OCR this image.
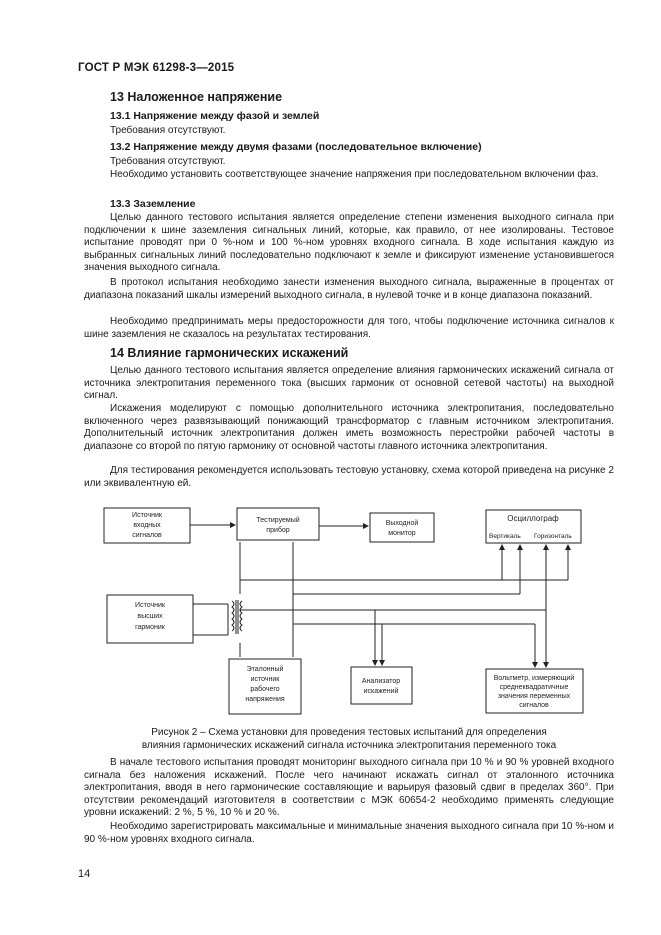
ГОСТ Р МЭК 61298-3—2015
13 Наложенное напряжение
13.1 Напряжение между фазой и землей
Требования отсутствуют.
13.2 Напряжение между двумя фазами (последовательное включение)
Требования отсутствуют.
Необходимо установить соответствующее значение напряжения при последовательном включении фаз.
13.3 Заземление
Целью данного тестового испытания является определение степени изменения выходного сигнала при подключении к шине заземления сигнальных линий, которые, как правило, от нее изолированы. Тестовое испытание проводят при 0 %-ном и 100 %-ном уровнях входного сигнала. В ходе испытания каждую из выбранных сигнальных линий последовательно подключают к земле и фиксируют изменение установившегося значения выходного сигнала.
В протокол испытания необходимо занести изменения выходного сигнала, выраженные в процентах от диапазона показаний шкалы измерений выходного сигнала, в нулевой точке и в конце диапазона показаний.
Необходимо предпринимать меры предосторожности для того, чтобы подключение источника сигналов к шине заземления не сказалось на результатах тестирования.
14 Влияние гармонических искажений
Целью данного тестового испытания является определение влияния гармонических искажений сигнала от источника электропитания переменного тока (высших гармоник от основной сетевой частоты) на выходной сигнал.
Искажения моделируют с помощью дополнительного источника электропитания, последовательно включенного через развязывающий понижающий трансформатор с главным источником электропитания. Дополнительный источник электропитания должен иметь возможность перестройки рабочей частоты в диапазоне со второй по пятую гармонику от основной частоты главного источника электропитания.
Для тестирования рекомендуется использовать тестовую установку, схема которой приведена на рисунке 2 или эквивалентную ей.
Источник
входных
сигналов
Тестируемый
прибор
Выходной
монитор
Осциллограф
Вертикаль Горизонталь
Источник
высших
гармоник
Эталонный
источник
рабочего
напряжения
Анализатор
искажений
Вольтметр, измеряющий
среднеквадратичные
значения переменных
сигналов
Рисунок 2 – Схема установки для проведения тестовых испытаний для определения
влияния гармонических искажений сигнала источника электропитания переменного тока
В начале тестового испытания проводят мониторинг выходного сигнала при 10 % и 90 % уровней входного сигнала без наложения искажений. После чего начинают искажать сигнал от эталонного источника электропитания, вводя в него гармонические составляющие и варьируя фазовый сдвиг в пределах 360°. При отсутствии рекомендаций изготовителя в соответствии с МЭК 60654-2 необходимо применять следующие уровни искажений: 2 %, 5 %, 10 % и 20 %.
Необходимо зарегистрировать максимальные и минимальные значения выходного сигнала при 10 %-ном и 90 %-ном уровнях входного сигнала.
14
